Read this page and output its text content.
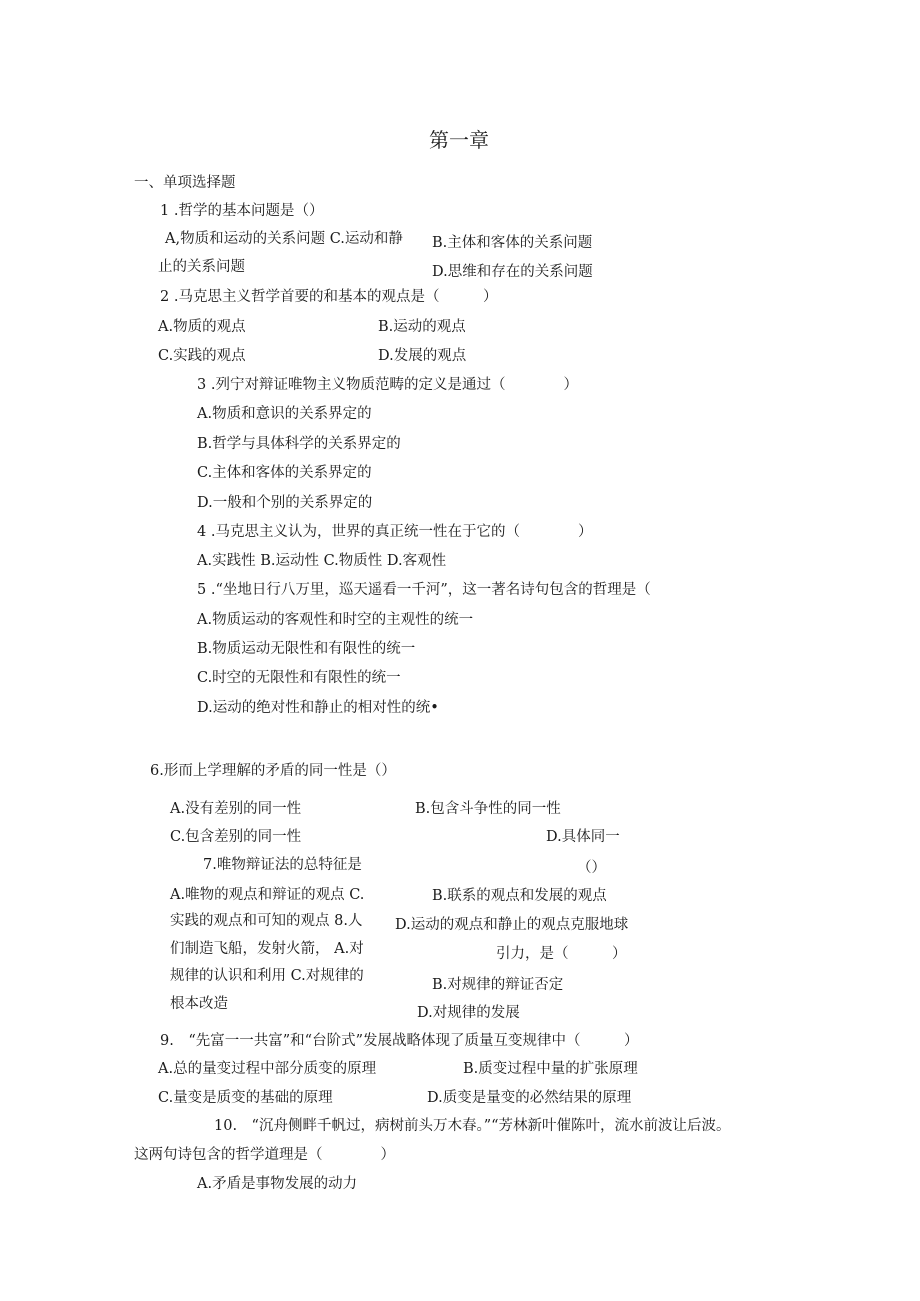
第一章
一、单项选择题
1 .哲学的基本问题是（）
A,物质和运动的关系问题 C.运动和静
止的关系问题
B.主体和客体的关系问题
D.思维和存在的关系问题
2 .马克思主义哲学首要的和基本的观点是（　　　）
A.物质的观点	B.运动的观点
C.实践的观点	D.发展的观点
3 .列宁对辩证唯物主义物质范畴的定义是通过（　　　　）
A.物质和意识的关系界定的
B.哲学与具体科学的关系界定的
C.主体和客体的关系界定的
D.一般和个别的关系界定的
4 .马克思主义认为，世界的真正统一性在于它的（　　　　）
A.实践性 B.运动性 C.物质性 D.客观性
5 .“坐地日行八万里，巡天遥看一千河”，这一著名诗句包含的哲理是（
A.物质运动的客观性和时空的主观性的统一
B.物质运动无限性和有限性的统一
C.时空的无限性和有限性的统一
D.运动的绝对性和静止的相对性的统•
6.形而上学理解的矛盾的同一性是（）
A.没有差别的同一性	B.包含斗争性的同一性
C.包含差别的同一性	D.具体同一
7.唯物辩证法的总特征是	（）
A.唯物的观点和辩证的观点 C.
实践的观点和可知的观点 8.人
们制造飞船，发射火箭， A.对
规律的认识和利用 C.对规律的
根本改造
B.联系的观点和发展的观点
D.运动的观点和静止的观点克服地球
引力，是（　　　）
B.对规律的辩证否定
D.对规律的发展
9.　“先富一一共富”和“台阶式”发展战略体现了质量互变规律中（　　　）
A.总的量变过程中部分质变的原理	B.质变过程中量的扩张原理
C.量变是质变的基础的原理	D.质变是量变的必然结果的原理
10.　“沉舟侧畔千帆过，病树前头万木春。”“芳林新叶催陈叶，流水前波让后波。
这两句诗包含的哲学道理是（　　　　）
A.矛盾是事物发展的动力
